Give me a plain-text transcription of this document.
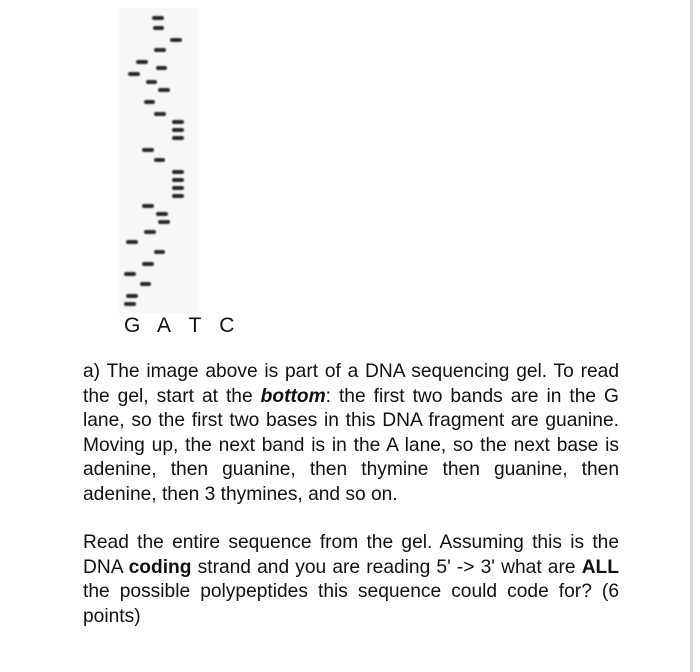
G A T C

a) The image above is part of a DNA sequencing gel. To read the gel, start at the bottom: the first two bands are in the G lane, so the first two bases in this DNA fragment are guanine. Moving up, the next band is in the A lane, so the next base is adenine, then guanine, then thymine then guanine, then adenine, then 3 thymines, and so on.

Read the entire sequence from the gel. Assuming this is the DNA coding strand and you are reading 5' -> 3' what are ALL the possible polypeptides this sequence could code for? (6 points)
